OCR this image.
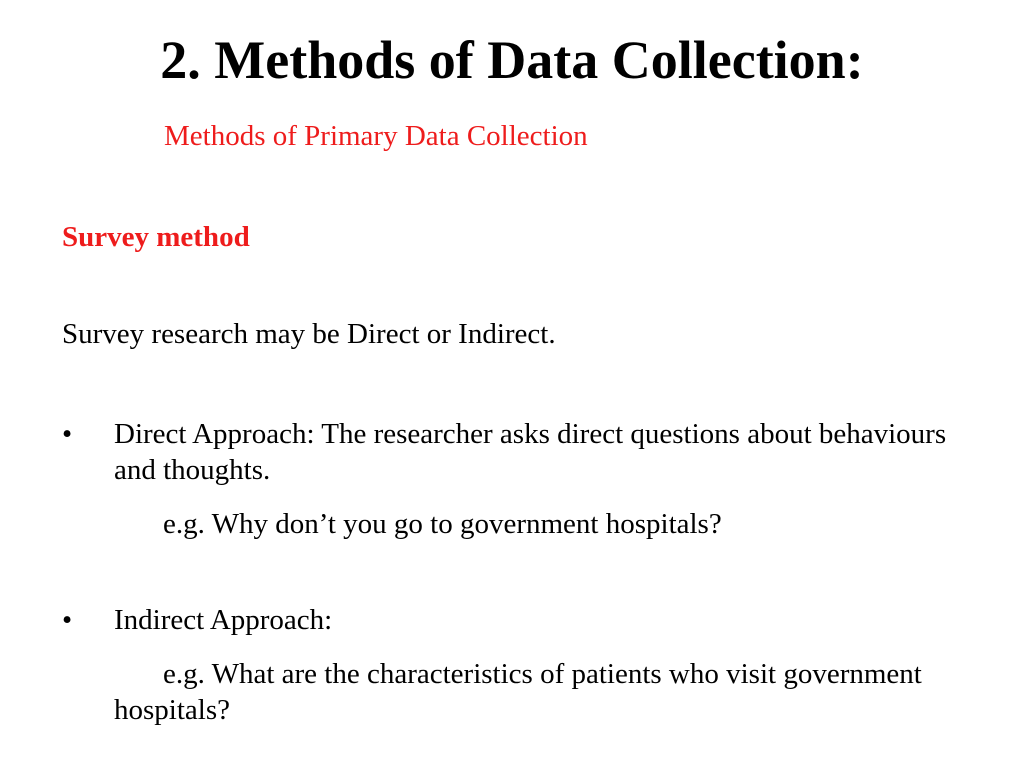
2. Methods of Data Collection:
Methods of Primary Data Collection
Survey method
Survey research may be Direct or Indirect.
• Direct Approach: The researcher asks direct questions about behaviours and thoughts.
e.g. Why don’t you go to government hospitals?
• Indirect Approach:
e.g. What are the characteristics of patients who visit government hospitals?
